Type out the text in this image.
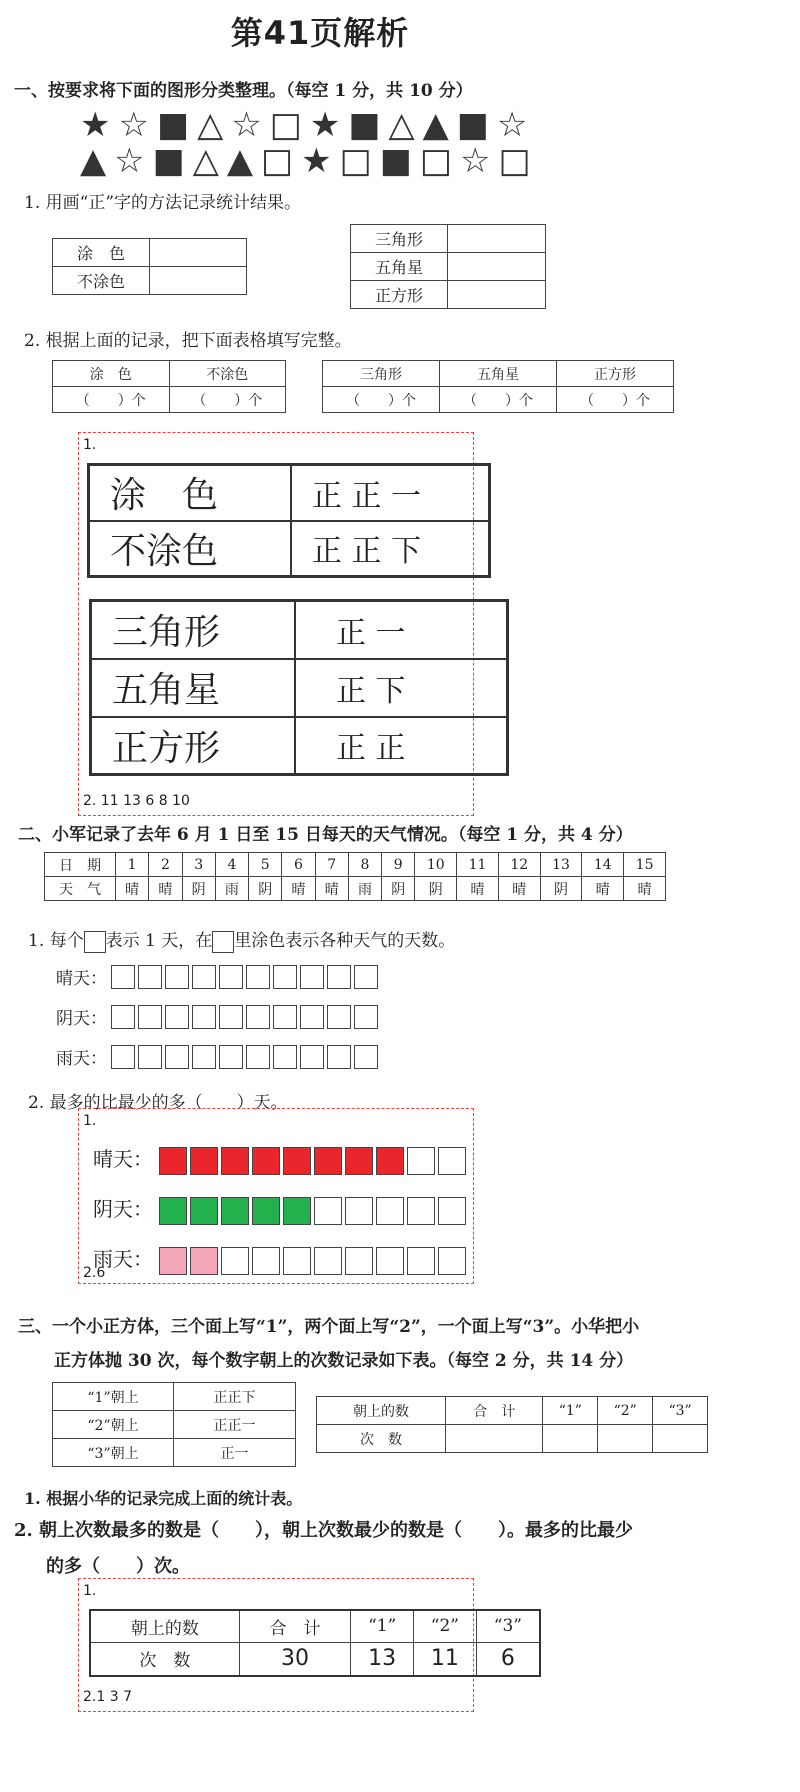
第41页解析
一、按要求将下面的图形分类整理。（每空 1 分，共 10 分）
★☆■△☆□★■△▲■☆
▲☆■△▲□★□■□☆□
1. 用画“正”字的方法记录统计结果。
涂　色	
不涂色	
三角形	
五角星	
正方形	
2. 根据上面的记录，把下面表格填写完整。
涂　色	不涂色
（　　）个	（　　）个
三角形	五角星	正方形
（　　）个	（　　）个	（　　）个
1.
涂　色	正 正 一
不涂色	正 正 下
三角形	正 一
五角星	正 下
正方形	正 正
2. 11 13 6 8 10
二、小军记录了去年 6 月 1 日至 15 日每天的天气情况。（每空 1 分，共 4 分）
日　期	1	2	3	4	5	6	7	8	9	10	11	12	13	14	15
天　气	晴	晴	阴	雨	阴	晴	晴	雨	阴	阴	晴	晴	阴	晴	晴
1. 每个 表示 1 天，在 里涂色表示各种天气的天数。
晴天：
阴天：
雨天：
2. 最多的比最少的多（　　）天。
1.
晴天：
阴天：
雨天：
2.6
三、一个小正方体，三个面上写“1”，两个面上写“2”，一个面上写“3”。小华把小
正方体抛 30 次，每个数字朝上的次数记录如下表。（每空 2 分，共 14 分）
“1”朝上	正正下
“2”朝上	正正一
“3”朝上	正一
朝上的数	合　计	“1”	“2”	“3”
次　数				
1. 根据小华的记录完成上面的统计表。
2. 朝上次数最多的数是（　　），朝上次数最少的数是（　　）。最多的比最少
的多（　　）次。
1.
朝上的数	合　计	“1”	“2”	“3”
次　数	30	13	11	6
2.1 3 7
